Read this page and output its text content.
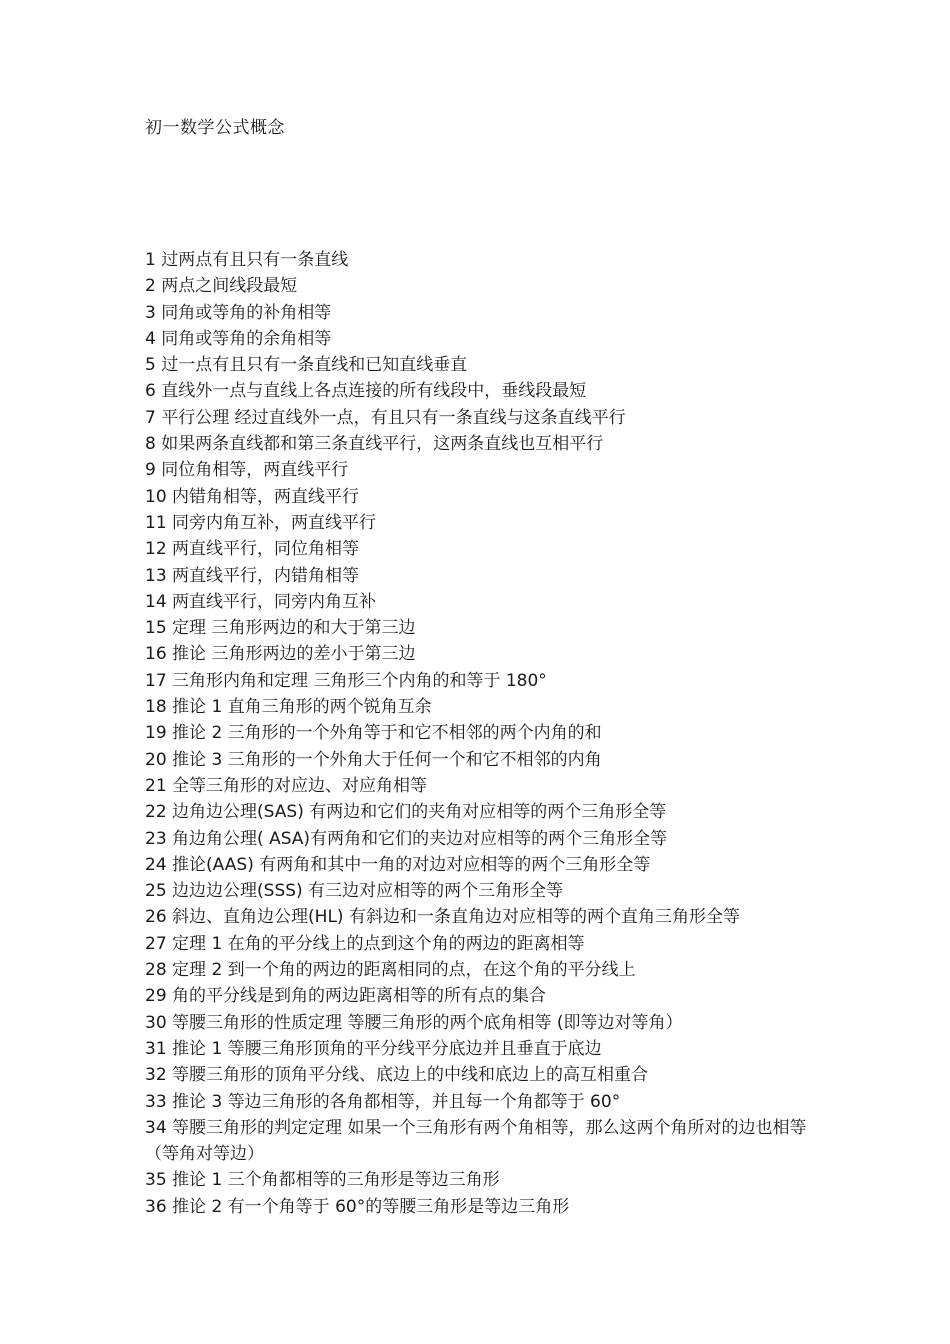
初一数学公式概念
1 过两点有且只有一条直线
2 两点之间线段最短
3 同角或等角的补角相等
4 同角或等角的余角相等
5 过一点有且只有一条直线和已知直线垂直
6 直线外一点与直线上各点连接的所有线段中，垂线段最短
7 平行公理 经过直线外一点，有且只有一条直线与这条直线平行
8 如果两条直线都和第三条直线平行，这两条直线也互相平行
9 同位角相等，两直线平行
10 内错角相等，两直线平行
11 同旁内角互补，两直线平行
12 两直线平行，同位角相等
13 两直线平行，内错角相等
14 两直线平行，同旁内角互补
15 定理 三角形两边的和大于第三边
16 推论 三角形两边的差小于第三边
17 三角形内角和定理 三角形三个内角的和等于 180°
18 推论 1 直角三角形的两个锐角互余
19 推论 2 三角形的一个外角等于和它不相邻的两个内角的和
20 推论 3 三角形的一个外角大于任何一个和它不相邻的内角
21 全等三角形的对应边、对应角相等
22 边角边公理(SAS) 有两边和它们的夹角对应相等的两个三角形全等
23 角边角公理( ASA)有两角和它们的夹边对应相等的两个三角形全等
24 推论(AAS) 有两角和其中一角的对边对应相等的两个三角形全等
25 边边边公理(SSS) 有三边对应相等的两个三角形全等
26 斜边、直角边公理(HL) 有斜边和一条直角边对应相等的两个直角三角形全等
27 定理 1 在角的平分线上的点到这个角的两边的距离相等
28 定理 2 到一个角的两边的距离相同的点，在这个角的平分线上
29 角的平分线是到角的两边距离相等的所有点的集合
30 等腰三角形的性质定理 等腰三角形的两个底角相等 (即等边对等角）
31 推论 1 等腰三角形顶角的平分线平分底边并且垂直于底边
32 等腰三角形的顶角平分线、底边上的中线和底边上的高互相重合
33 推论 3 等边三角形的各角都相等，并且每一个角都等于 60°
34 等腰三角形的判定定理 如果一个三角形有两个角相等，那么这两个角所对的边也相等（等角对等边）
35 推论 1 三个角都相等的三角形是等边三角形
36 推论 2 有一个角等于 60°的等腰三角形是等边三角形
